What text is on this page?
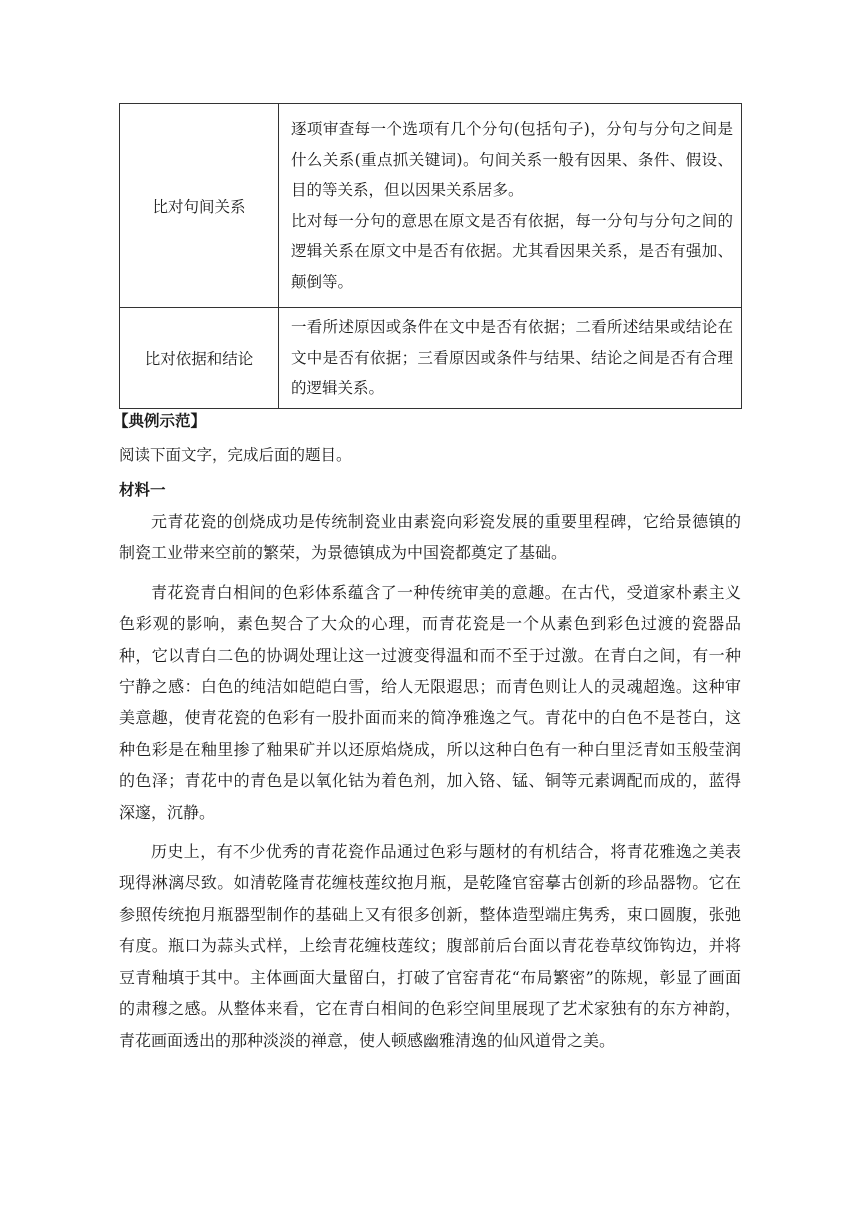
比对句间关系	逐项审查每一个选项有几个分句(包括句子)，分句与分句之间是什么关系(重点抓关键词)。句间关系一般有因果、条件、假设、目的等关系，但以因果关系居多。

比对每一分句的意思在原文是否有依据，每一分句与分句之间的逻辑关系在原文中是否有依据。尤其看因果关系，是否有强加、颠倒等。

比对依据和结论	一看所述原因或条件在文中是否有依据；二看所述结果或结论在文中是否有依据；三看原因或条件与结果、结论之间是否有合理的逻辑关系。

【典例示范】
阅读下面文字，完成后面的题目。
材料一

元青花瓷的创烧成功是传统制瓷业由素瓷向彩瓷发展的重要里程碑，它给景德镇的制瓷工业带来空前的繁荣，为景德镇成为中国瓷都奠定了基础。

青花瓷青白相间的色彩体系蕴含了一种传统审美的意趣。在古代，受道家朴素主义色彩观的影响，素色契合了大众的心理，而青花瓷是一个从素色到彩色过渡的瓷器品种，它以青白二色的协调处理让这一过渡变得温和而不至于过激。在青白之间，有一种宁静之感：白色的纯洁如皑皑白雪，给人无限遐思；而青色则让人的灵魂超逸。这种审美意趣，使青花瓷的色彩有一股扑面而来的简净雅逸之气。青花中的白色不是苍白，这种色彩是在釉里掺了釉果矿并以还原焰烧成，所以这种白色有一种白里泛青如玉般莹润的色泽；青花中的青色是以氧化钴为着色剂，加入铬、锰、铜等元素调配而成的，蓝得深邃，沉静。

历史上，有不少优秀的青花瓷作品通过色彩与题材的有机结合，将青花雅逸之美表现得淋漓尽致。如清乾隆青花缠枝莲纹抱月瓶，是乾隆官窑摹古创新的珍品器物。它在参照传统抱月瓶器型制作的基础上又有很多创新，整体造型端庄隽秀，束口圆腹，张弛有度。瓶口为蒜头式样，上绘青花缠枝莲纹；腹部前后台面以青花卷草纹饰钩边，并将豆青釉填于其中。主体画面大量留白，打破了官窑青花“布局繁密”的陈规，彰显了画面的肃穆之感。从整体来看，它在青白相间的色彩空间里展现了艺术家独有的东方神韵，青花画面透出的那种淡淡的禅意，使人顿感幽雅清逸的仙风道骨之美。
